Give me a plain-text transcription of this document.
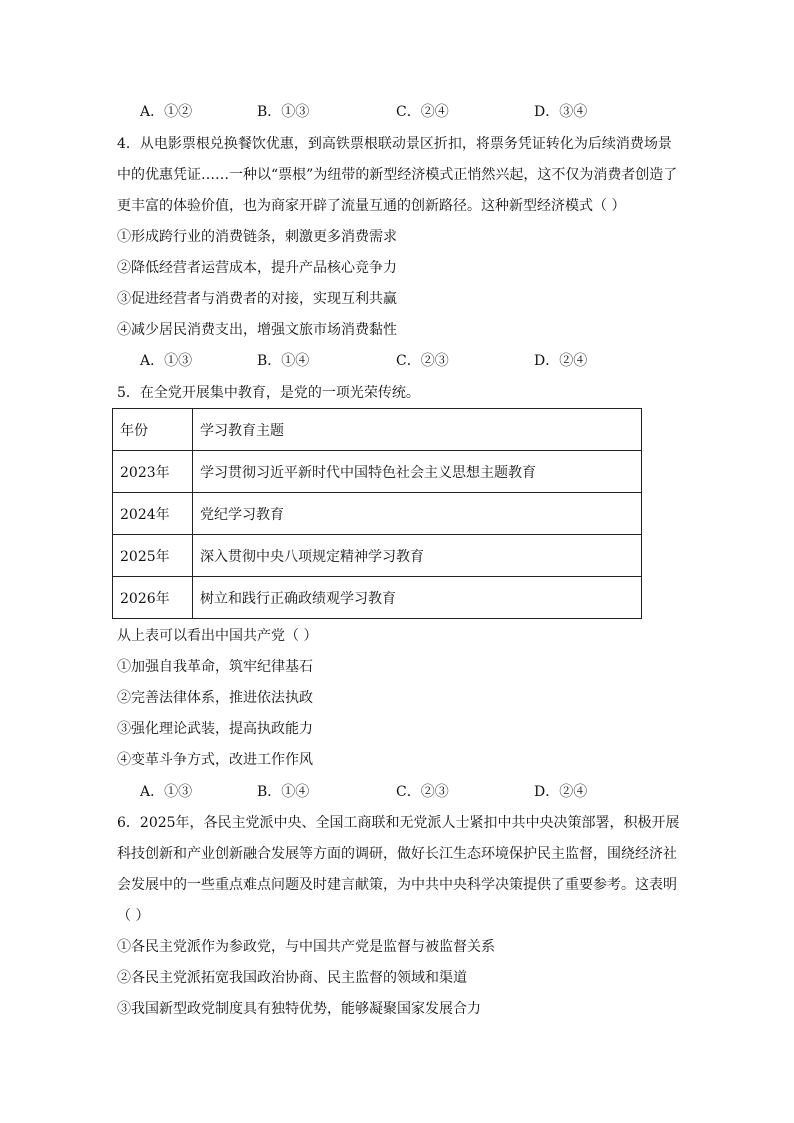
A．①②	B．①③	C．②④	D．③④
4．从电影票根兑换餐饮优惠，到高铁票根联动景区折扣，将票务凭证转化为后续消费场景
中的优惠凭证……一种以“票根”为纽带的新型经济模式正悄然兴起，这不仅为消费者创造了
更丰富的体验价值，也为商家开辟了流量互通的创新路径。这种新型经济模式（ ）
①形成跨行业的消费链条，刺激更多消费需求
②降低经营者运营成本，提升产品核心竞争力
③促进经营者与消费者的对接，实现互利共赢
④减少居民消费支出，增强文旅市场消费黏性
A．①③	B．①④	C．②③	D．②④
5．在全党开展集中教育，是党的一项光荣传统。
年份	学习教育主题
2023年	学习贯彻习近平新时代中国特色社会主义思想主题教育
2024年	党纪学习教育
2025年	深入贯彻中央八项规定精神学习教育
2026年	树立和践行正确政绩观学习教育
从上表可以看出中国共产党（ ）
①加强自我革命，筑牢纪律基石
②完善法律体系，推进依法执政
③强化理论武装，提高执政能力
④变革斗争方式，改进工作作风
A．①③	B．①④	C．②③	D．②④
6．2025年，各民主党派中央、全国工商联和无党派人士紧扣中共中央决策部署，积极开展
科技创新和产业创新融合发展等方面的调研，做好长江生态环境保护民主监督，围绕经济社
会发展中的一些重点难点问题及时建言献策，为中共中央科学决策提供了重要参考。这表明
（ ）
①各民主党派作为参政党，与中国共产党是监督与被监督关系
②各民主党派拓宽我国政治协商、民主监督的领域和渠道
③我国新型政党制度具有独特优势，能够凝聚国家发展合力
